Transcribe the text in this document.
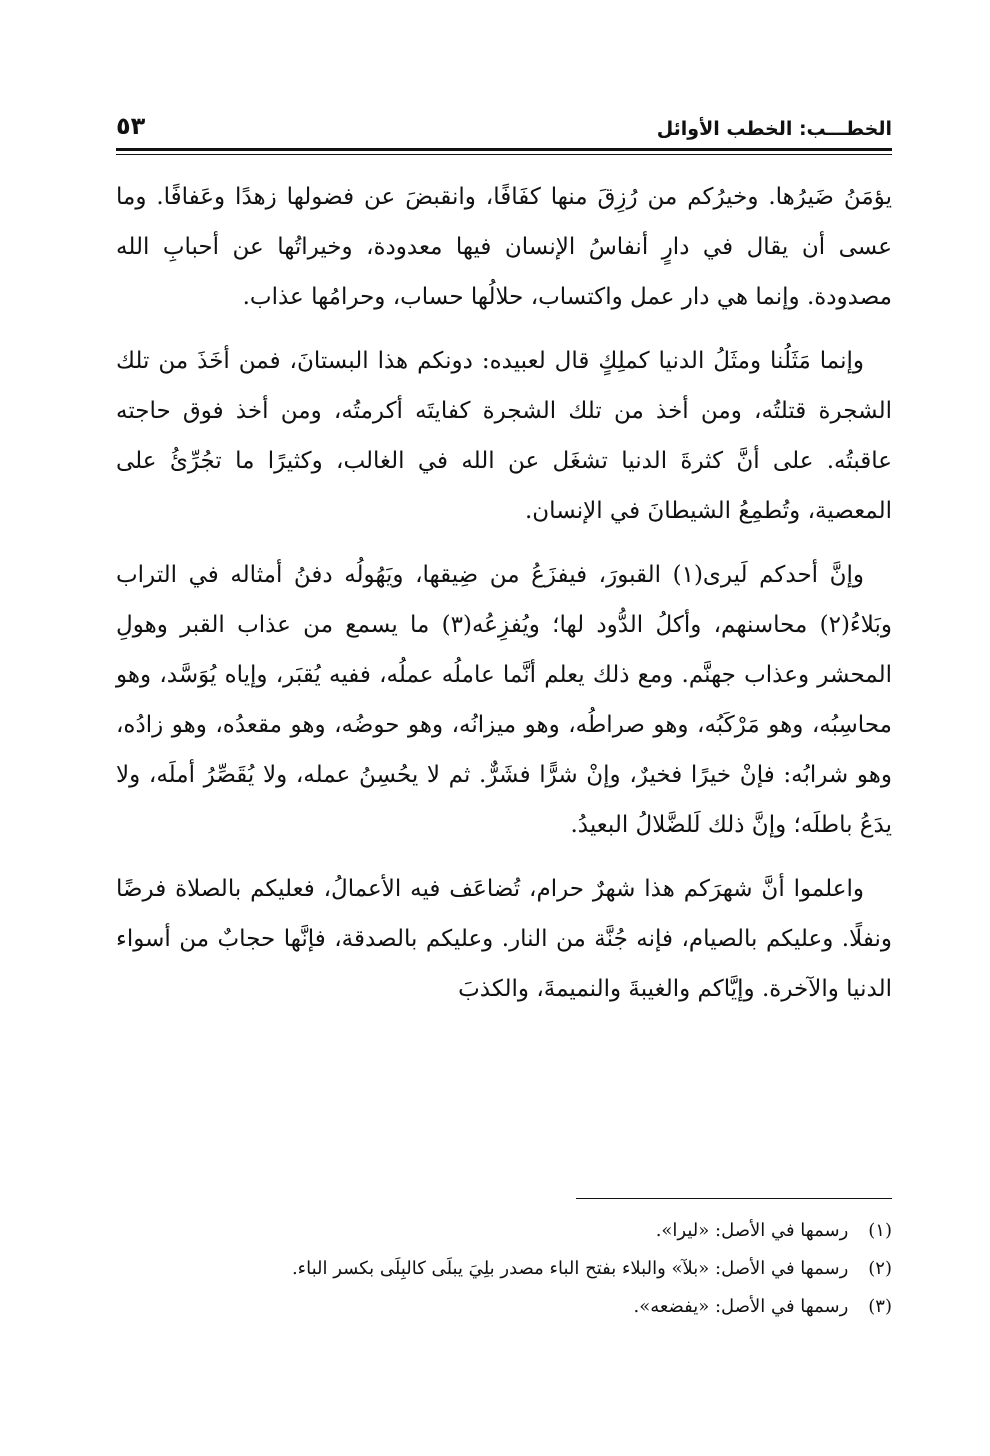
الخطـــب: الخطب الأوائل
٥٣

يؤمَنُ ضَيرُها. وخيرُكم من رُزِقَ منها كفَافًا، وانقبضَ عن فضولها زهدًا وعَفافًا. وما عسى أن يقال في دارٍ أنفاسُ الإنسان فيها معدودة، وخيراتُها عن أحبابِ الله مصدودة. وإنما هي دار عمل واكتساب، حلالُها حساب، وحرامُها عذاب.

وإنما مَثَلُنا ومثَلُ الدنيا كملِكٍ قال لعبيده: دونكم هذا البستانَ، فمن أخَذَ من تلك الشجرة قتلتُه، ومن أخذ من تلك الشجرة كفايتَه أكرمتُه، ومن أخذ فوق حاجته عاقبتُه. على أنَّ كثرةَ الدنيا تشغَل عن الله في الغالب، وكثيرًا ما تجُرِّئُ على المعصية، وتُطمِعُ الشيطانَ في الإنسان.

وإنَّ أحدكم لَيرى(١) القبورَ، فيفزَعُ من ضِيقها، ويَهُولُه دفنُ أمثاله في التراب وبَلاءُ(٢) محاسنهم، وأكلُ الدُّود لها؛ ويُفزِعُه(٣) ما يسمع من عذاب القبر وهولِ المحشر وعذاب جهنَّم. ومع ذلك يعلم أنَّما عاملُه عملُه، ففيه يُقبَر، وإياه يُوَسَّد، وهو محاسِبُه، وهو مَرْكَبُه، وهو صراطُه، وهو ميزانُه، وهو حوضُه، وهو مقعدُه، وهو زادُه، وهو شرابُه: فإنْ خيرًا فخيرٌ، وإنْ شرًّا فشَرٌّ. ثم لا يحُسِنُ عمله، ولا يُقَصِّرُ أملَه، ولا يدَعُ باطلَه؛ وإنَّ ذلك لَلضَّلالُ البعيدُ.

واعلموا أنَّ شهرَكم هذا شهرٌ حرام، تُضاعَف فيه الأعمالُ، فعليكم بالصلاة فرضًا ونفلًا. وعليكم بالصيام، فإنه جُنَّة من النار. وعليكم بالصدقة، فإنَّها حجابٌ من أسواء الدنيا والآخرة. وإيَّاكم والغيبةَ والنميمةَ، والكذبَ

(١) رسمها في الأصل: «ليرا».

(٢) رسمها في الأصل: «بلآ» والبلاء بفتح الباء مصدر بلِيَ يبلَى كالبِلَى بكسر الباء.

(٣) رسمها في الأصل: «يفضعه».
